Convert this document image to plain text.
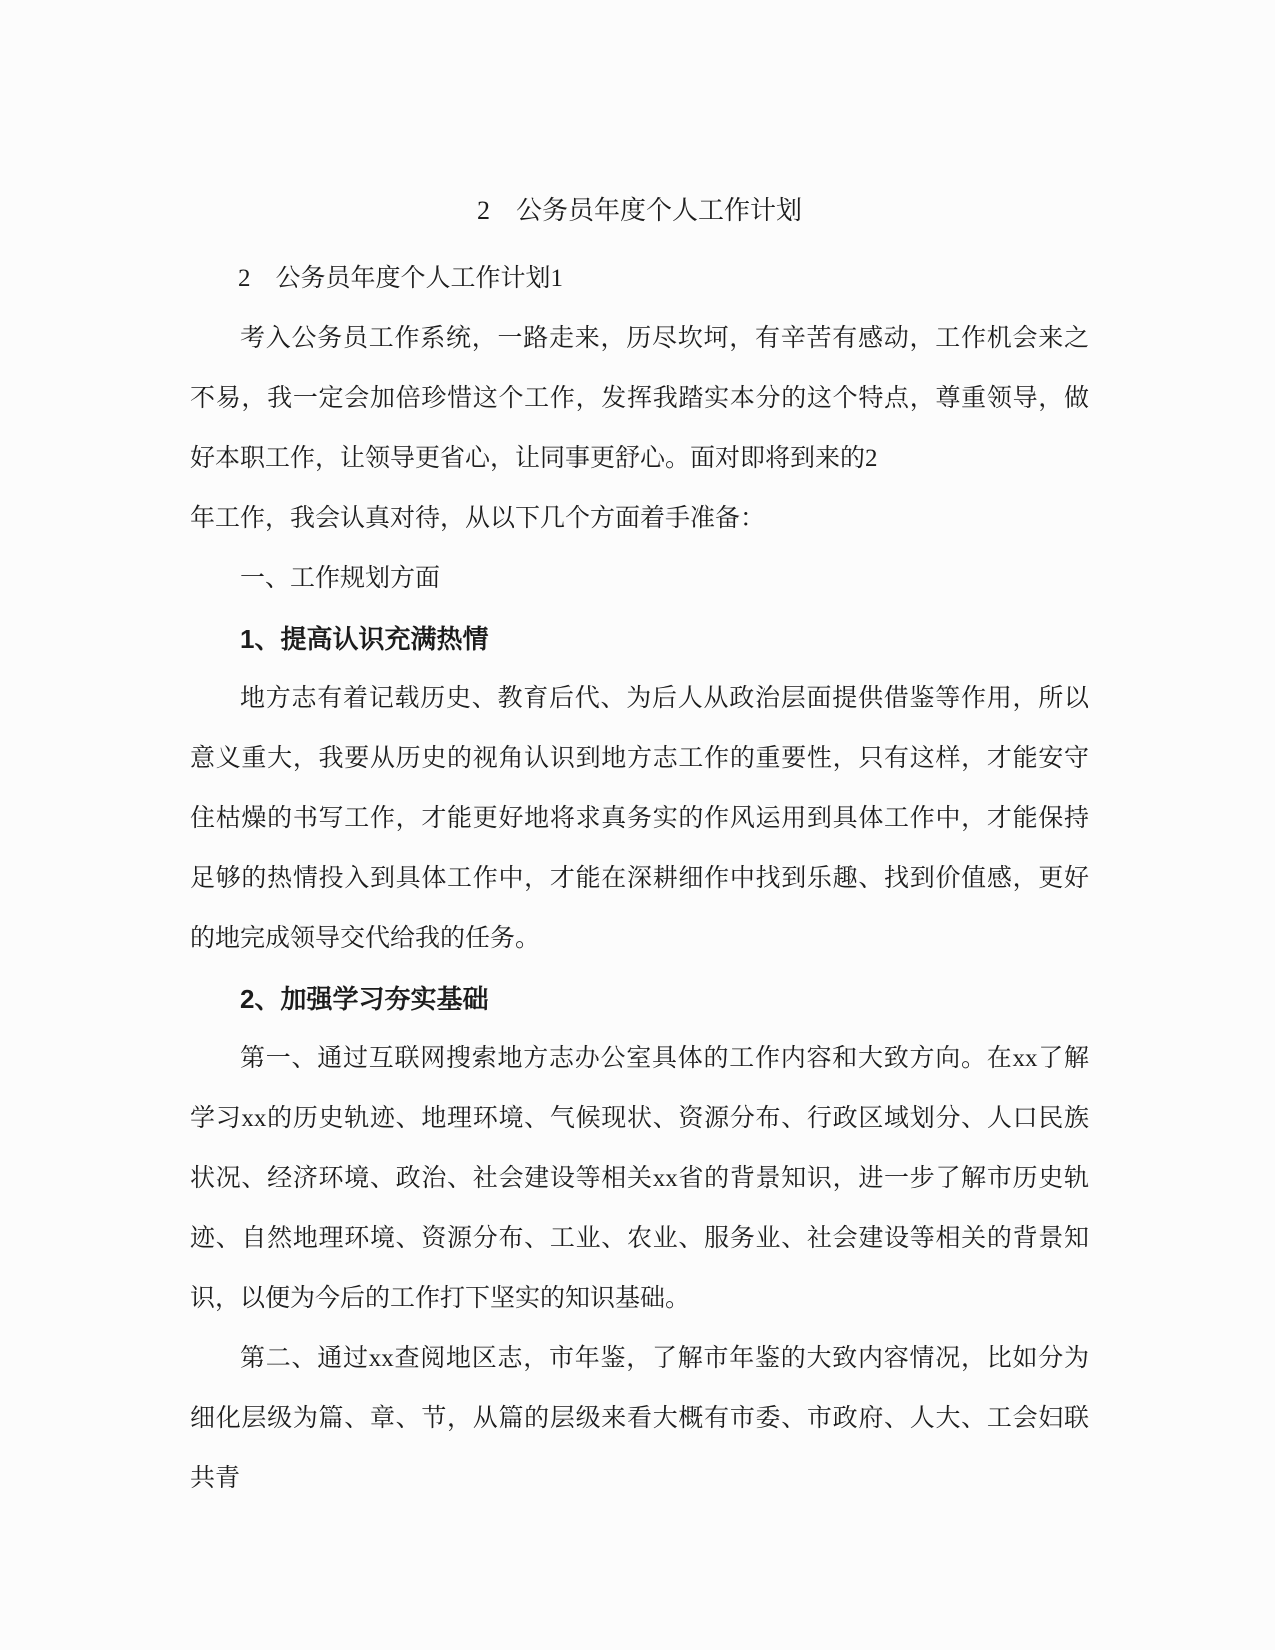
2　公务员年度个人工作计划

2　公务员年度个人工作计划1

考入公务员工作系统，一路走来，历尽坎坷，有辛苦有感动，工作机会来之不易，我一定会加倍珍惜这个工作，发挥我踏实本分的这个特点，尊重领导，做好本职工作，让领导更省心，让同事更舒心。面对即将到来的2

年工作，我会认真对待，从以下几个方面着手准备：

一、工作规划方面

1、提高认识充满热情

地方志有着记载历史、教育后代、为后人从政治层面提供借鉴等作用，所以意义重大，我要从历史的视角认识到地方志工作的重要性，只有这样，才能安守住枯燥的书写工作，才能更好地将求真务实的作风运用到具体工作中，才能保持足够的热情投入到具体工作中，才能在深耕细作中找到乐趣、找到价值感，更好的地完成领导交代给我的任务。

2、加强学习夯实基础

第一、通过互联网搜索地方志办公室具体的工作内容和大致方向。在xx了解学习xx的历史轨迹、地理环境、气候现状、资源分布、行政区域划分、人口民族状况、经济环境、政治、社会建设等相关xx省的背景知识，进一步了解市历史轨迹、自然地理环境、资源分布、工业、农业、服务业、社会建设等相关的背景知识，以便为今后的工作打下坚实的知识基础。

第二、通过xx查阅地区志，市年鉴，了解市年鉴的大致内容情况，比如分为细化层级为篇、章、节，从篇的层级来看大概有市委、市政府、人大、工会妇联共青
